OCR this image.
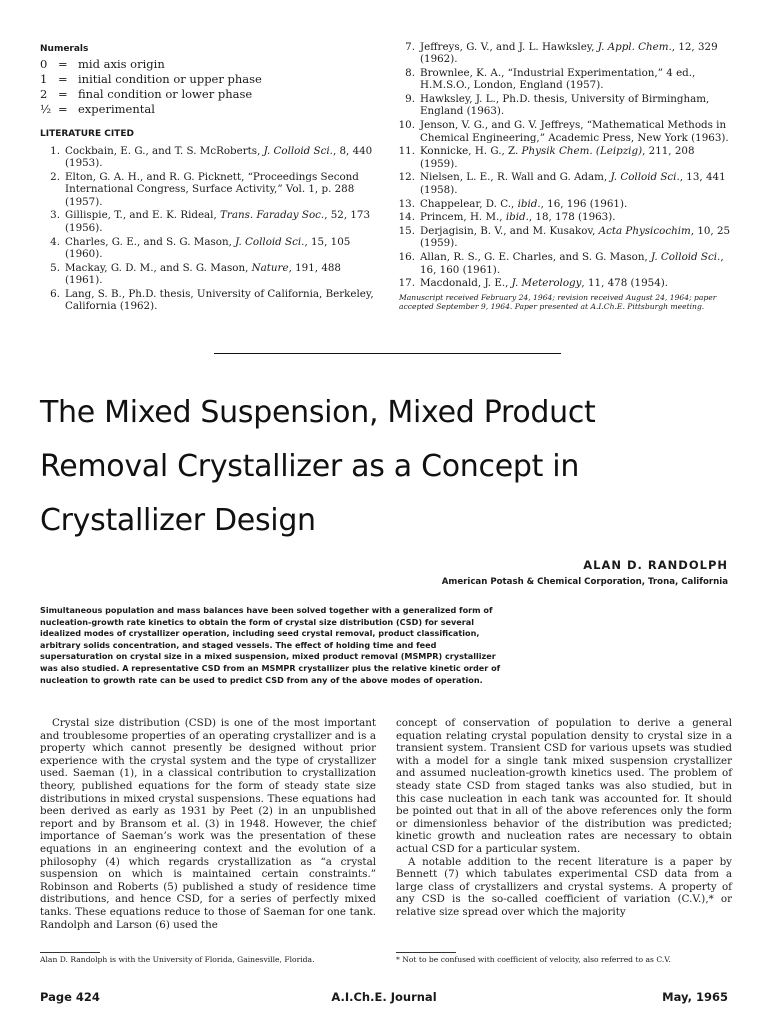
Numerals
0 = mid axis origin
1 = initial condition or upper phase
2 = final condition or lower phase
½ = experimental
LITERATURE CITED
1. Cockbain, E. G., and T. S. McRoberts, J. Colloid Sci., 8, 440 (1953).
2. Elton, G. A. H., and R. G. Picknett, “Proceedings Second International Congress, Surface Activity,” Vol. 1, p. 288 (1957).
3. Gillispie, T., and E. K. Rideal, Trans. Faraday Soc., 52, 173 (1956).
4. Charles, G. E., and S. G. Mason, J. Colloid Sci., 15, 105 (1960).
5. Mackay, G. D. M., and S. G. Mason, Nature, 191, 488 (1961).
6. Lang, S. B., Ph.D. thesis, University of California, Berkeley, California (1962).
7. Jeffreys, G. V., and J. L. Hawksley, J. Appl. Chem., 12, 329 (1962).
8. Brownlee, K. A., “Industrial Experimentation,” 4 ed., H.M.S.O., London, England (1957).
9. Hawksley, J. L., Ph.D. thesis, University of Birmingham, England (1963).
10. Jenson, V. G., and G. V. Jeffreys, “Mathematical Methods in Chemical Engineering,” Academic Press, New York (1963).
11. Konnicke, H. G., Z. Physik Chem. (Leipzig), 211, 208 (1959).
12. Nielsen, L. E., R. Wall and G. Adam, J. Colloid Sci., 13, 441 (1958).
13. Chappelear, D. C., ibid., 16, 196 (1961).
14. Princem, H. M., ibid., 18, 178 (1963).
15. Derjagisin, B. V., and M. Kusakov, Acta Physicochim, 10, 25 (1959).
16. Allan, R. S., G. E. Charles, and S. G. Mason, J. Colloid Sci., 16, 160 (1961).
17. Macdonald, J. E., J. Meterology, 11, 478 (1954).
Manuscript received February 24, 1964; revision received August 24, 1964; paper accepted September 9, 1964. Paper presented at A.I.Ch.E. Pittsburgh meeting.
The Mixed Suspension, Mixed Product
Removal Crystallizer as a Concept in
Crystallizer Design
ALAN D. RANDOLPH
American Potash & Chemical Corporation, Trona, California
Simultaneous population and mass balances have been solved together with a generalized form of nucleation-growth rate kinetics to obtain the form of crystal size distribution (CSD) for several idealized modes of crystallizer operation, including seed crystal removal, product classification, arbitrary solids concentration, and staged vessels. The effect of holding time and feed supersaturation on crystal size in a mixed suspension, mixed product removal (MSMPR) crystallizer was also studied. A representative CSD from an MSMPR crystallizer plus the relative kinetic order of nucleation to growth rate can be used to predict CSD from any of the above modes of operation.

Crystal size distribution (CSD) is one of the most important and troublesome properties of an operating crystallizer and is a property which cannot presently be designed without prior experience with the crystal system and the type of crystallizer used. Saeman (1), in a classical contribution to crystallization theory, published equations for the form of steady state size distributions in mixed crystal suspensions. These equations had been derived as early as 1931 by Peet (2) in an unpublished report and by Bransom et al. (3) in 1948. However, the chief importance of Saeman’s work was the presentation of these equations in an engineering context and the evolution of a philosophy (4) which regards crystallization as “a crystal suspension on which is maintained certain constraints.” Robinson and Roberts (5) published a study of residence time distributions, and hence CSD, for a series of perfectly mixed tanks. These equations reduce to those of Saeman for one tank. Randolph and Larson (6) used the

concept of conservation of population to derive a general equation relating crystal population density to crystal size in a transient system. Transient CSD for various upsets was studied with a model for a single tank mixed suspension crystallizer and assumed nucleation-growth kinetics used. The problem of steady state CSD from staged tanks was also studied, but in this case nucleation in each tank was accounted for. It should be pointed out that in all of the above references only the form or dimensionless behavior of the distribution was predicted; kinetic growth and nucleation rates are necessary to obtain actual CSD for a particular system.

A notable addition to the recent literature is a paper by Bennett (7) which tabulates experimental CSD data from a large class of crystallizers and crystal systems. A property of any CSD is the so-called coefficient of variation (C.V.),* or relative size spread over which the majority

Alan D. Randolph is with the University of Florida, Gainesville, Florida.	* Not to be confused with coefficient of velocity, also referred to as C.V.
Page 424	A.I.Ch.E. Journal	May, 1965
